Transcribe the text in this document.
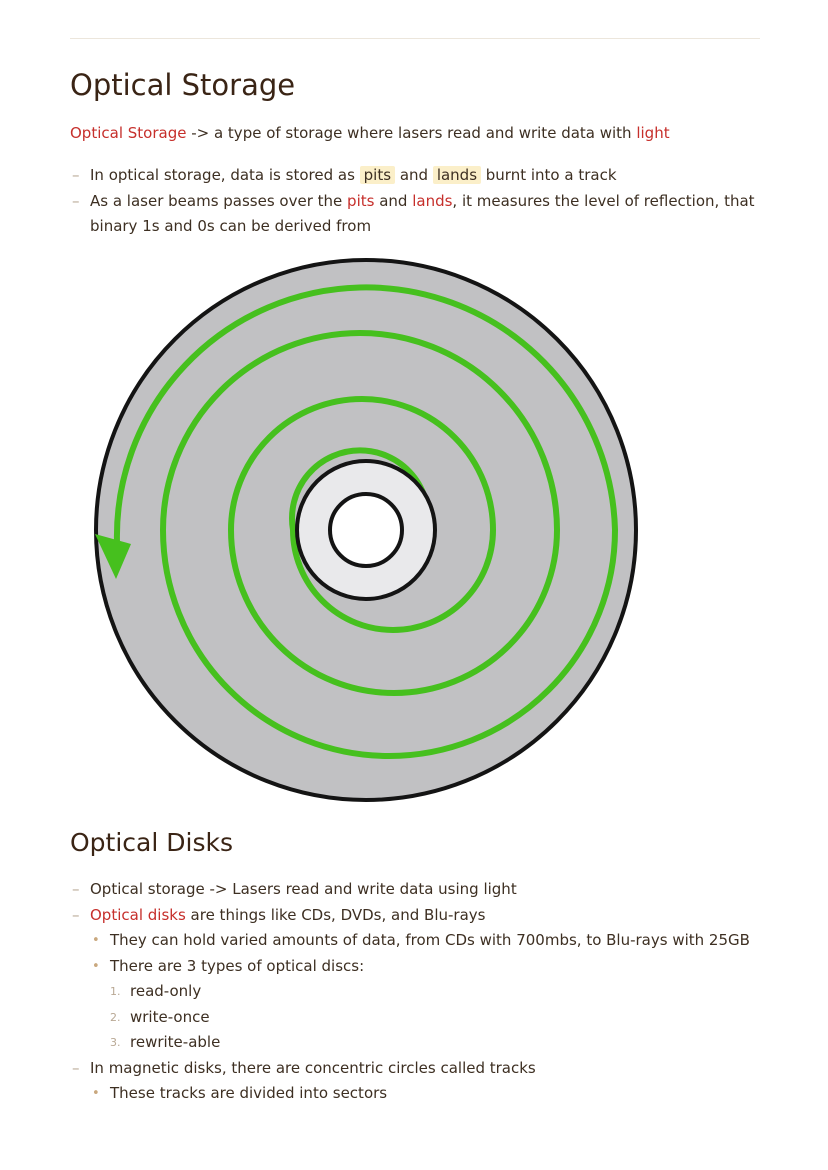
Optical Storage
Optical Storage -> a type of storage where lasers read and write data with light
– In optical storage, data is stored as pits and lands burnt into a track
– As a laser beams passes over the pits and lands, it measures the level of reflection, that binary 1s and 0s can be derived from
Optical Disks
– Optical storage -> Lasers read and write data using light
– Optical disks are things like CDs, DVDs, and Blu-rays
• They can hold varied amounts of data, from CDs with 700mbs, to Blu-rays with 25GB
• There are 3 types of optical discs:
1. read-only
2. write-once
3. rewrite-able
– In magnetic disks, there are concentric circles called tracks
• These tracks are divided into sectors
